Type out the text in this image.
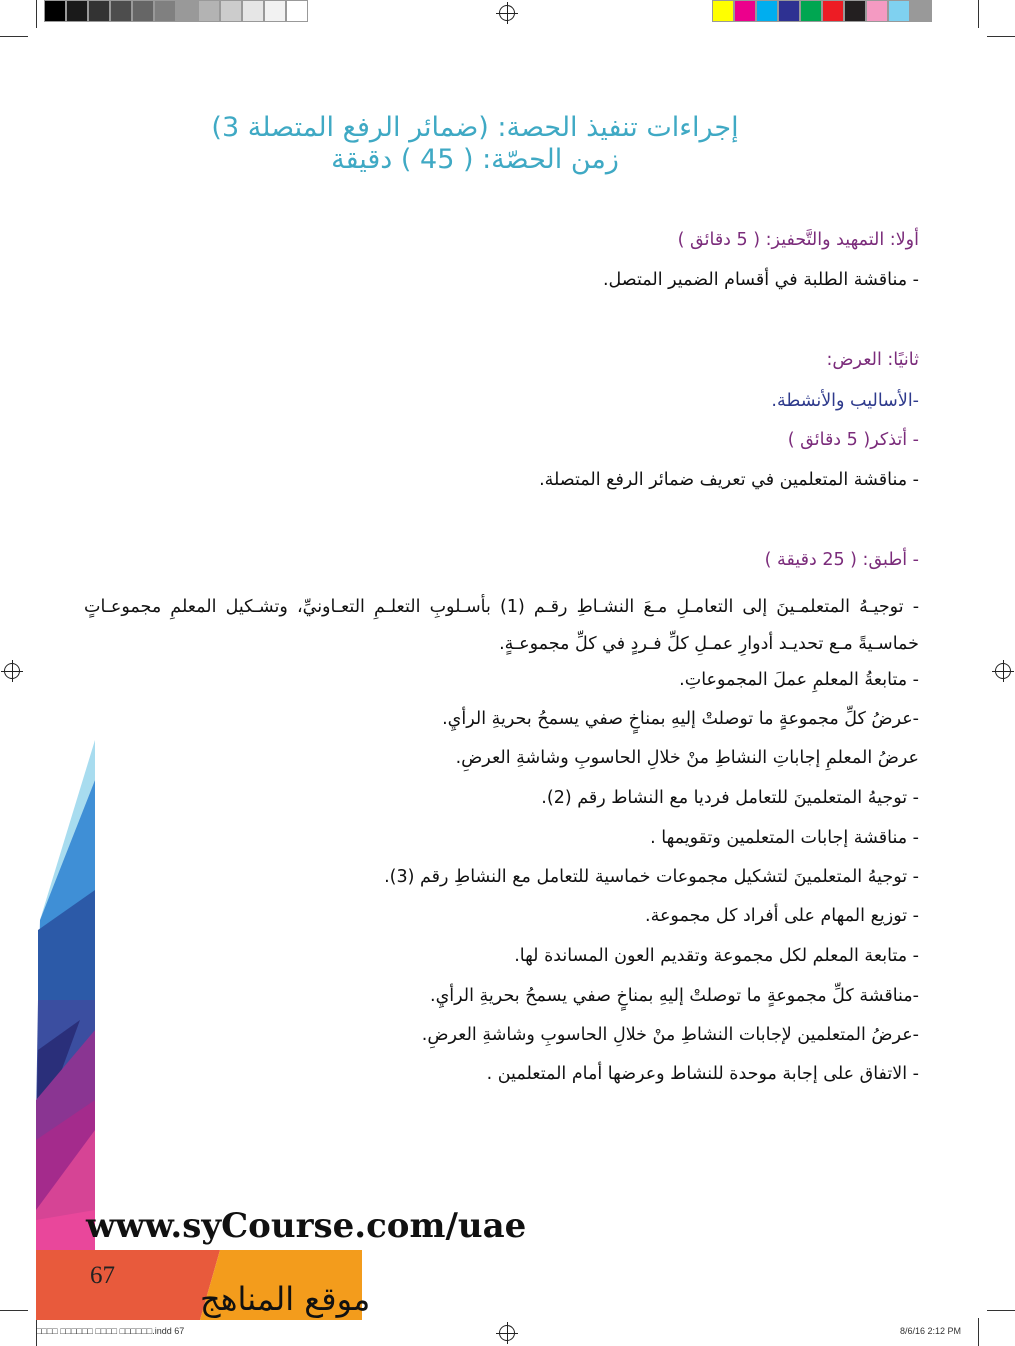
إجراءات تنفيذ الحصة: (ضمائر الرفع المتصلة 3)
زمن الحصّة: ( 45 ) دقيقة
أولا: التمهيد والتَّحفيز: ( 5 دقائق )
- مناقشة الطلبة في أقسام الضمير المتصل.
ثانيًا: العرض:
-الأساليب والأنشطة.
- أتذكر( 5 دقائق )
- مناقشة المتعلمين في تعريف ضمائر الرفع المتصلة.
- أطبق: ( 25 دقيقة )
- توجيـهُ المتعلمـينَ إلى التعامـلِ مـعَ النشـاطِ رقـم (1) بأسـلوبِ التعلـمِ التعـاونيِّ، وتشـكيل المعلمِ مجموعـاتٍ خماسـيةً مـع تحديـد أدوارِ عمـلِ كلِّ فـردٍ في كلِّ مجموعـةٍ.
- متابعةُ المعلمِ عملَ المجموعاتِ.
-عرضُ كلِّ مجموعةٍ ما توصلتْ إليهِ بمناخٍ صفي يسمحُ بحريةِ الرأيِ.
عرضُ المعلمِ إجاباتِ النشاطِ منْ خلالِ الحاسوبِ وشاشةِ العرضِ.
- توجيهُ المتعلمينَ للتعامل فرديا مع النشاط رقم (2).
- مناقشة إجابات المتعلمين وتقويمها .
- توجيهُ المتعلمينَ لتشكيل مجموعات خماسية للتعامل مع النشاطِ رقم (3).
- توزيع المهام على أفراد كل مجموعة.
- متابعة المعلم لكل مجموعة وتقديم العون المساندة لها.
-مناقشة كلِّ مجموعةٍ ما توصلتْ إليهِ بمناخٍ صفي يسمحُ بحريةِ الرأيِ.
-عرضُ المتعلمين لإجابات النشاطِ منْ خلالِ الحاسوبِ وشاشةِ العرضِ.
- الاتفاق على إجابة موحدة للنشاط وعرضها أمام المتعلمين .
www.syCourse.com/uae
67
موقع المناهج
□□□□ □□□□□□ □□□□ □□□□□□.indd 67	8/6/16 2:12 PM
